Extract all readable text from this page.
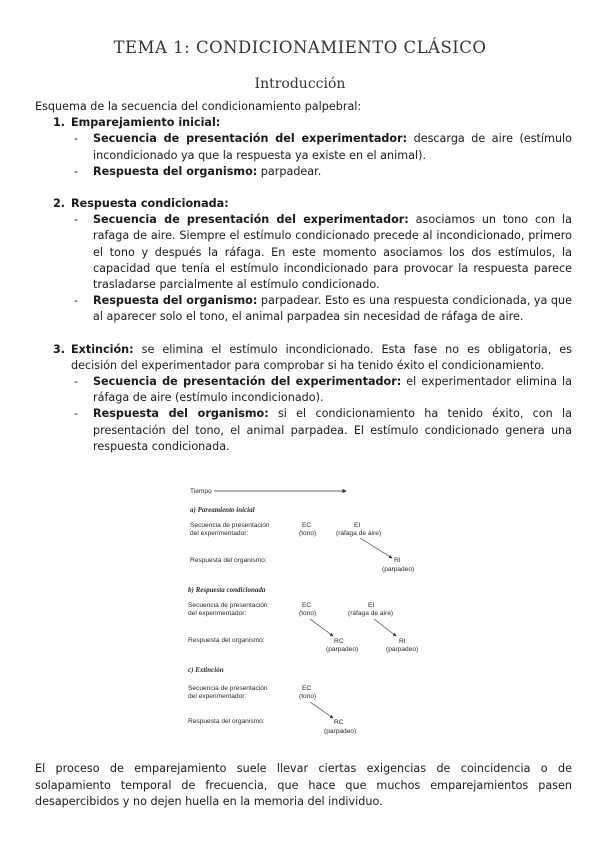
TEMA 1: CONDICIONAMIENTO CLÁSICO
Introducción

Esquema de la secuencia del condicionamiento palpebral:

1. Emparejamiento inicial:
- Secuencia de presentación del experimentador: descarga de aire (estímulo incondicionado ya que la respuesta ya existe en el animal).
- Respuesta del organismo: parpadear.
2. Respuesta condicionada:
- Secuencia de presentación del experimentador: asociamos un tono con la rafaga de aire. Siempre el estímulo condicionado precede al incondicionado, primero el tono y después la ráfaga. En este momento asociamos los dos estímulos, la capacidad que tenía el estímulo incondicionado para provocar la respuesta parece trasladarse parcialmente al estímulo condicionado.
- Respuesta del organismo: parpadear. Esto es una respuesta condicionada, ya que al aparecer solo el tono, el animal parpadea sin necesidad de ráfaga de aire.
3. Extinción: se elimina el estímulo incondicionado. Esta fase no es obligatoria, es decisión del experimentador para comprobar si ha tenido éxito el condicionamiento.
- Secuencia de presentación del experimentador: el experimentador elimina la ráfaga de aire (estímulo incondicionado).
- Respuesta del organismo: si el condicionamiento ha tenido éxito, con la presentación del tono, el animal parpadea. El estímulo condicionado genera una respuesta condicionada.
Tiempo
a) Pareamiento inicial
Secuencia de presentación
del experimentador:
EC
(tono)
EI
(ráfaga de aire)
Respuesta del organismo:	RI
(parpadeo)
b) Respuesta condicionada
Secuencia de presentación
del experimentador:
EC
(tono)
EI
(ráfaga de aire)
Respuesta del organismo:	RC
(parpadeo)
RI
(parpadeo)
c) Extinción
Secuencia de presentación
del experimentador:
EC
(tono)
Respuesta del organismo:	RC
(parpadeo)

El proceso de emparejamiento suele llevar ciertas exigencias de coincidencia o de solapamiento temporal de frecuencia, que hace que muchos emparejamientos pasen desapercibidos y no dejen huella en la memoria del individuo.
